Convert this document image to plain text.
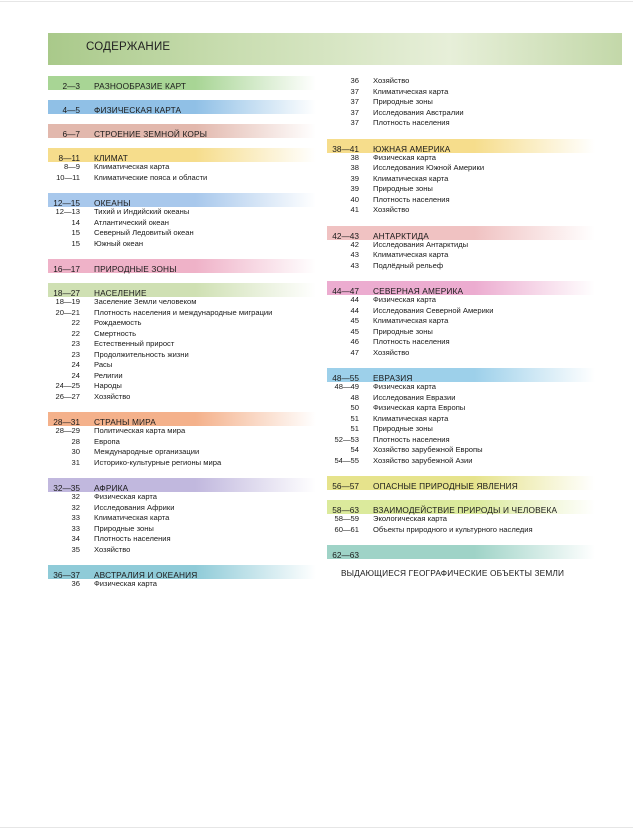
СОДЕРЖАНИЕ
2—3 РАЗНООБРАЗИЕ КАРТ
4—5 ФИЗИЧЕСКАЯ КАРТА
6—7 СТРОЕНИЕ ЗЕМНОЙ КОРЫ
8—11 КЛИМАТ
8—9 Климатическая карта
10—11 Климатические пояса и области
12—15 ОКЕАНЫ
12—13 Тихий и Индийский океаны
14 Атлантический океан
15 Северный Ледовитый океан
15 Южный океан
16—17 ПРИРОДНЫЕ ЗОНЫ
18—27 НАСЕЛЕНИЕ
18—19 Заселение Земли человеком
20—21 Плотность населения и международные миграции
22 Рождаемость
22 Смертность
23 Естественный прирост
23 Продолжительность жизни
24 Расы
24 Религии
24—25 Народы
26—27 Хозяйство
28—31 СТРАНЫ МИРА
28—29 Политическая карта мира
28 Европа
30 Международные организации
31 Историко-культурные регионы мира
32—35 АФРИКА
32 Физическая карта
32 Исследования Африки
33 Климатическая карта
33 Природные зоны
34 Плотность населения
35 Хозяйство
36—37 АВСТРАЛИЯ И ОКЕАНИЯ
36 Физическая карта
36 Хозяйство
37 Климатическая карта
37 Природные зоны
37 Исследования Австралии
37 Плотность населения
38—41 ЮЖНАЯ АМЕРИКА
38 Физическая карта
38 Исследования Южной Америки
39 Климатическая карта
39 Природные зоны
40 Плотность населения
41 Хозяйство
42—43 АНТАРКТИДА
42 Исследования Антарктиды
43 Климатическая карта
43 Подлёдный рельеф
44—47 СЕВЕРНАЯ АМЕРИКА
44 Физическая карта
44 Исследования Северной Америки
45 Климатическая карта
45 Природные зоны
46 Плотность населения
47 Хозяйство
48—55 ЕВРАЗИЯ
48—49 Физическая карта
48 Исследования Евразии
50 Физическая карта Европы
51 Климатическая карта
51 Природные зоны
52—53 Плотность населения
54 Хозяйство зарубежной Европы
54—55 Хозяйство зарубежной Азии
56—57 ОПАСНЫЕ ПРИРОДНЫЕ ЯВЛЕНИЯ
58—63 ВЗАИМОДЕЙСТВИЕ ПРИРОДЫ И ЧЕЛОВЕКА
58—59 Экологическая карта
60—61 Объекты природного и культурного наследия
62—63ВЫДАЮЩИЕСЯ ГЕОГРАФИЧЕСКИЕ ОБЪЕКТЫ ЗЕМЛИ
